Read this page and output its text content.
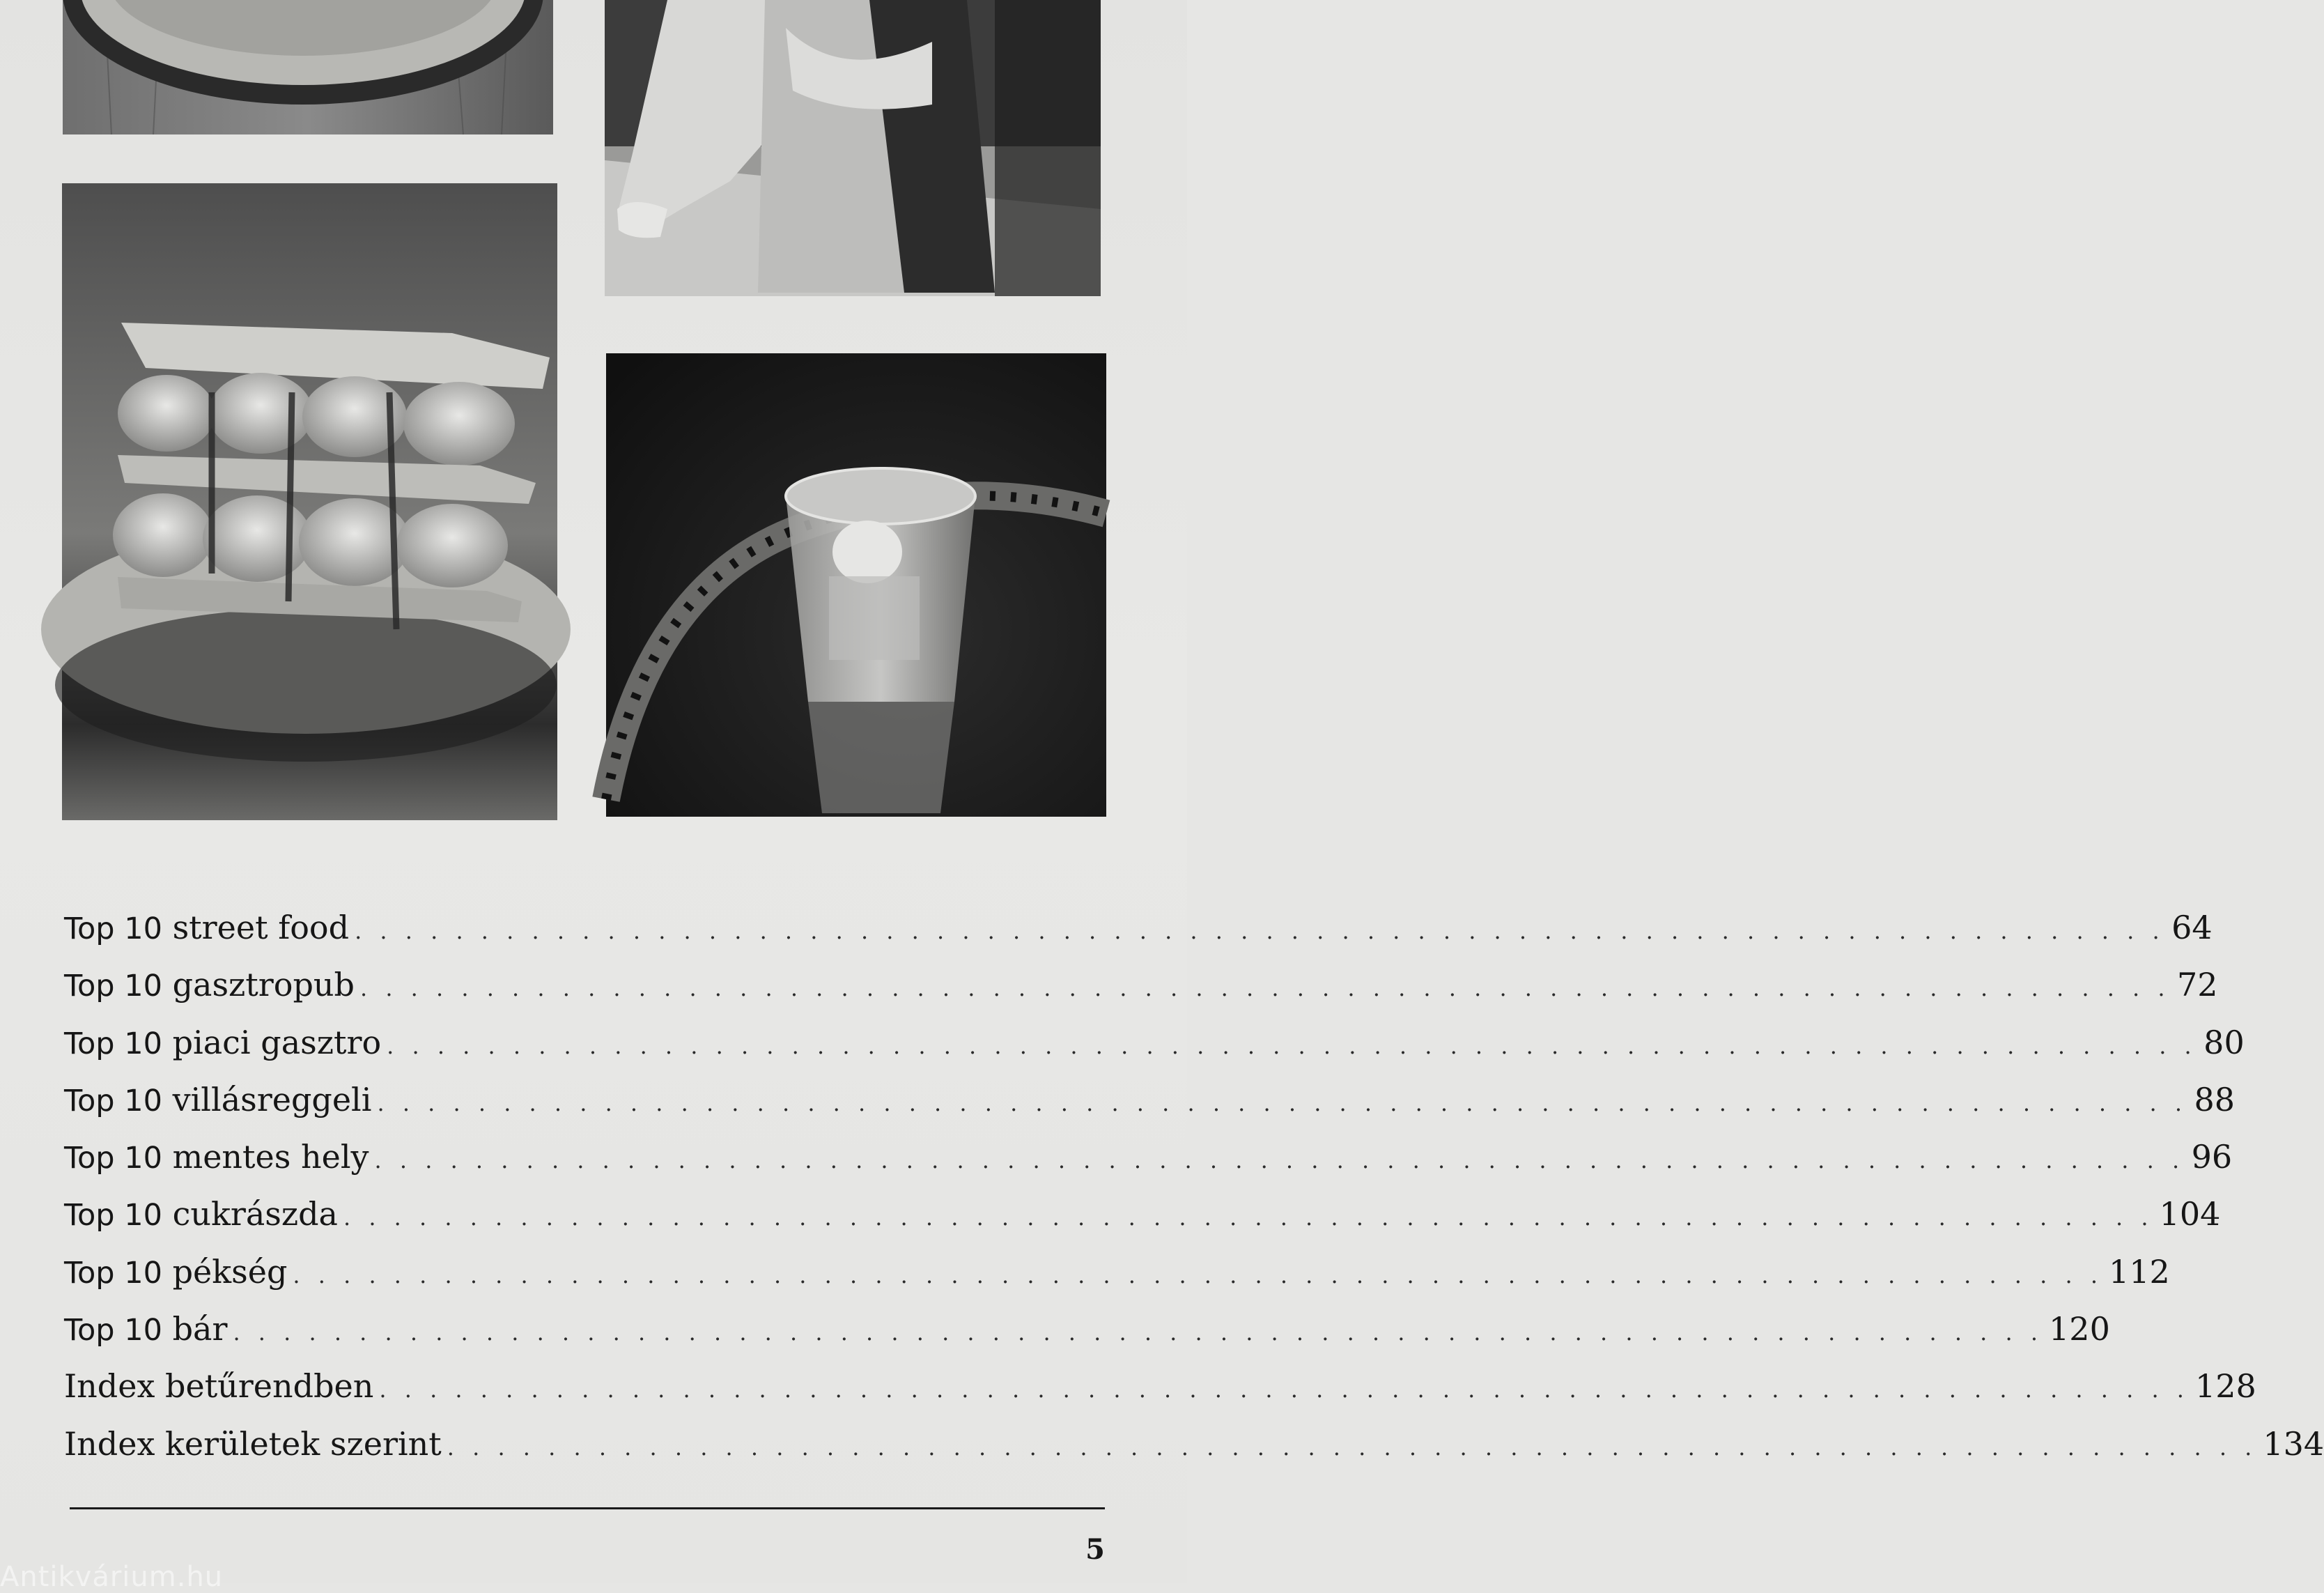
Top 10 street food . . . . . . . . . . . . . . . . . . . . . . . . . . . . . . . . . . . . . . . . . . . . . . . . . . . . . . . . . . . . . . . . . . . . . . . . 64
Top 10 gasztropub . . . . . . . . . . . . . . . . . . . . . . . . . . . . . . . . . . . . . . . . . . . . . . . . . . . . . . . . . . . . . . . . . . . . . . . . 72
Top 10 piaci gasztro . . . . . . . . . . . . . . . . . . . . . . . . . . . . . . . . . . . . . . . . . . . . . . . . . . . . . . . . . . . . . . . . . . . . . . . . 80
Top 10 villásreggeli . . . . . . . . . . . . . . . . . . . . . . . . . . . . . . . . . . . . . . . . . . . . . . . . . . . . . . . . . . . . . . . . . . . . . . . . 88
Top 10 mentes hely . . . . . . . . . . . . . . . . . . . . . . . . . . . . . . . . . . . . . . . . . . . . . . . . . . . . . . . . . . . . . . . . . . . . . . . . 96
Top 10 cukrászda . . . . . . . . . . . . . . . . . . . . . . . . . . . . . . . . . . . . . . . . . . . . . . . . . . . . . . . . . . . . . . . . . . . . . . . . 104
Top 10 pékség . . . . . . . . . . . . . . . . . . . . . . . . . . . . . . . . . . . . . . . . . . . . . . . . . . . . . . . . . . . . . . . . . . . . . . . . 112
Top 10 bár . . . . . . . . . . . . . . . . . . . . . . . . . . . . . . . . . . . . . . . . . . . . . . . . . . . . . . . . . . . . . . . . . . . . . . . . 120
Index betűrendben . . . . . . . . . . . . . . . . . . . . . . . . . . . . . . . . . . . . . . . . . . . . . . . . . . . . . . . . . . . . . . . . . . . . . . . . 128
Index kerületek szerint . . . . . . . . . . . . . . . . . . . . . . . . . . . . . . . . . . . . . . . . . . . . . . . . . . . . . . . . . . . . . . . . . . . . . . . . 134
5
Antikvárium.hu
